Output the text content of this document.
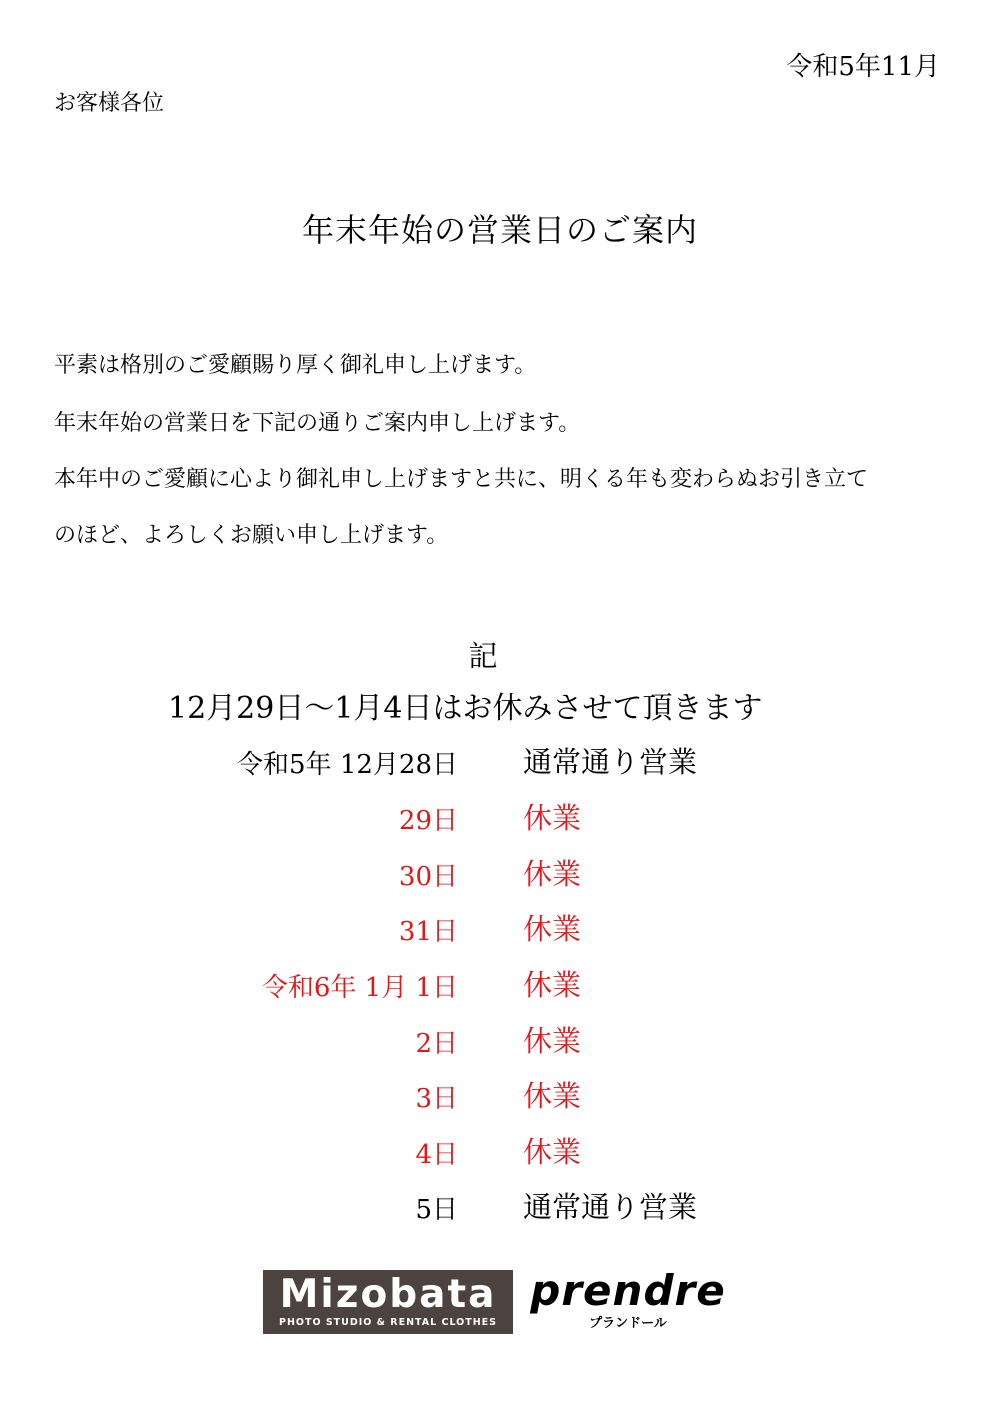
令和5年11月
お客様各位
年末年始の営業日のご案内
平素は格別のご愛顧賜り厚く御礼申し上げます。
年末年始の営業日を下記の通りご案内申し上げます。
本年中のご愛顧に心より御礼申し上げますと共に、明くる年も変わらぬお引き立て
のほど、よろしくお願い申し上げます。
記
12月29日～1月4日はお休みさせて頂きます
令和5年 12月28日 通常通り営業
29日 休業
30日 休業
31日 休業
令和6年 1月 1日 休業
2日 休業
3日 休業
4日 休業
5日 通常通り営業
Mizobata
PHOTO STUDIO & RENTAL CLOTHES
prendre
プランドール
